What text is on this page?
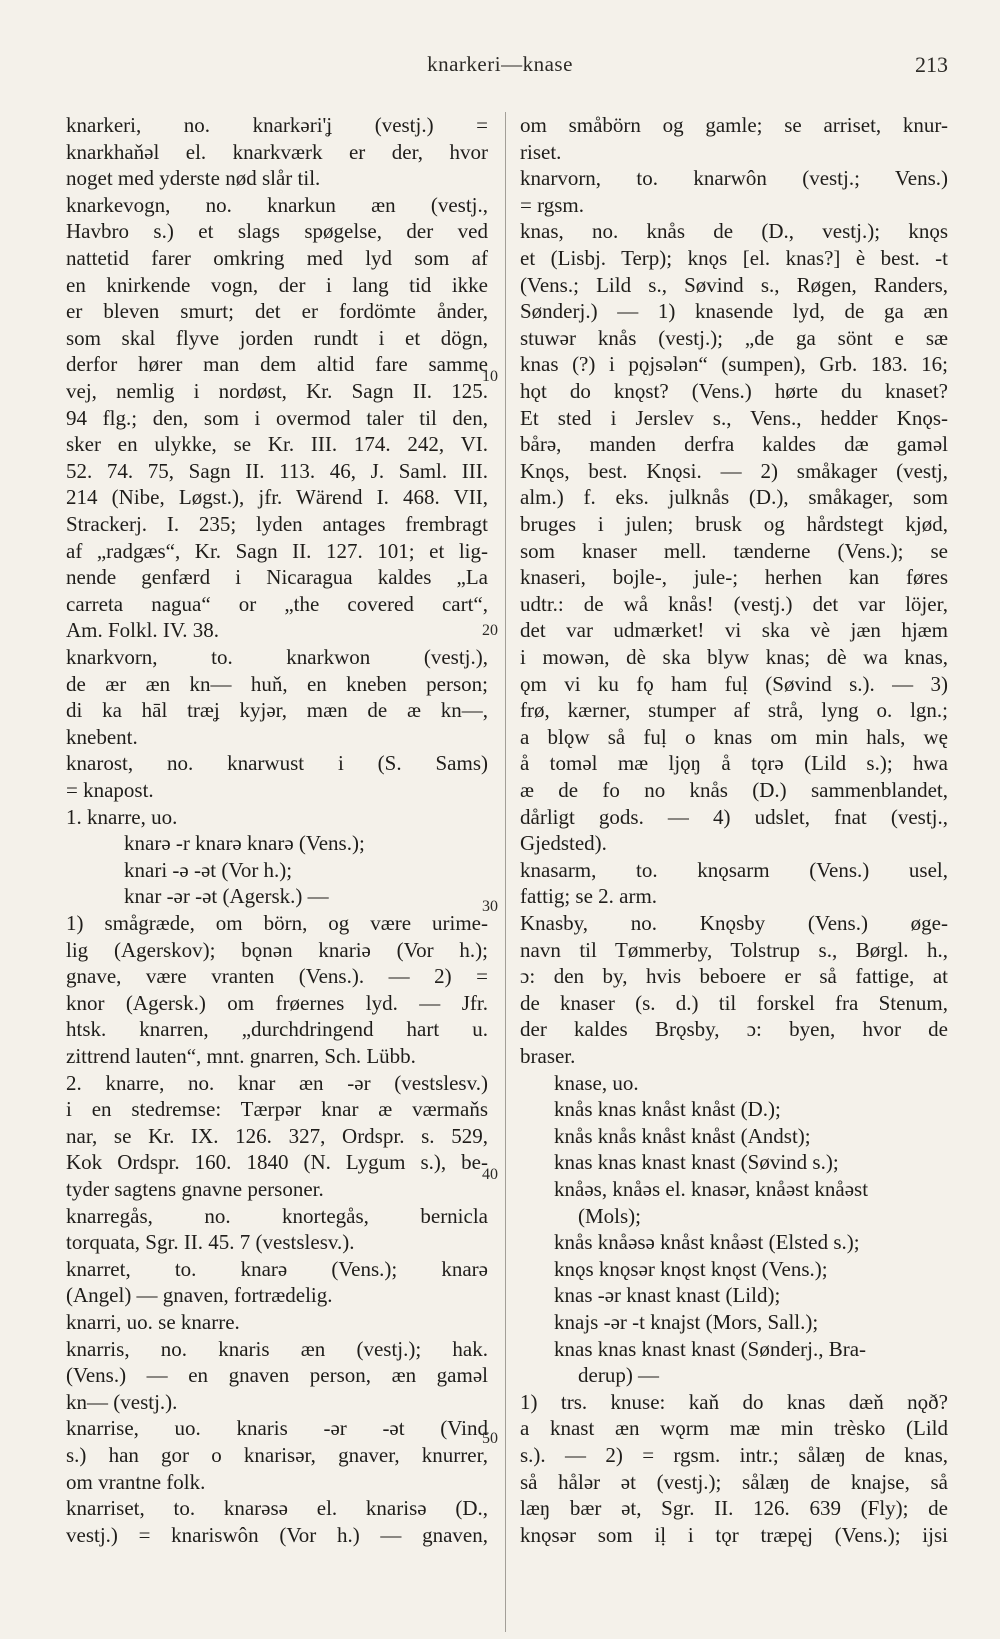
knarkeri—knase	213
knarkeri, no. knarkəri'ʝ (vestj.) =
knarkhaňəl el. knarkværk er der, hvor
noget med yderste nød slår til.
knarkevogn, no. knarkun æn (vestj.,
Havbro s.) et slags spøgelse, der ved
nattetid farer omkring med lyd som af
en knirkende vogn, der i lang tid ikke
er bleven smurt; det er fordömte ånder,
som skal flyve jorden rundt i et dögn,
derfor hører man dem altid fare samme
vej, nemlig i nordøst, Kr. Sagn II. 125.
94 flg.; den, som i overmod taler til den,
sker en ulykke, se Kr. III. 174. 242, VI.
52. 74. 75, Sagn II. 113. 46, J. Saml. III.
214 (Nibe, Løgst.), jfr. Wärend I. 468. VII,
Strackerj. I. 235; lyden antages frembragt
af „radgæs“, Kr. Sagn II. 127. 101; et lig-
nende genfærd i Nicaragua kaldes „La
carreta nagua“ or „the covered cart“,
Am. Folkl. IV. 38.
knarkvorn, to. knarkwon (vestj.),
de ær æn kn— huň, en kneben person;
di ka hāl træʝ kyjər, mæn de æ kn—,
knebent.
knarost, no. knarwust i (S. Sams)
= knapost.
1. knarre, uo.
knarə -r knarə knarə (Vens.);
knari -ə -ət (Vor h.);
knar -ər -ət (Agersk.) —
1) smågræde, om börn, og være urime-
lig (Agerskov); bǫnən knariə (Vor h.);
gnave, være vranten (Vens.). — 2) =
knor (Agersk.) om frøernes lyd. — Jfr.
htsk. knarren, „durchdringend hart u.
zittrend lauten“, mnt. gnarren, Sch. Lübb.
2. knarre, no. knar æn -ər (vestslesv.)
i en stedremse: Tærpər knar æ værmaňs
nar, se Kr. IX. 126. 327, Ordspr. s. 529,
Kok Ordspr. 160. 1840 (N. Lygum s.), be-
tyder sagtens gnavne personer.
knarregås, no. knortegås, bernicla
torquata, Sgr. II. 45. 7 (vestslesv.).
knarret, to. knarə (Vens.); knarə
(Angel) — gnaven, fortrædelig.
knarri, uo. se knarre.
knarris, no. knaris æn (vestj.); hak.
(Vens.) — en gnaven person, æn gaməl
kn— (vestj.).
knarrise, uo. knaris -ər -ət (Vind
s.) han gor o knarisər, gnaver, knurrer,
om vrantne folk.
knarriset, to. knarəsə el. knarisə (D.,
vestj.) = knariswôn (Vor h.) — gnaven,
om småbörn og gamle; se arriset, knur-
riset.
knarvorn, to. knarwôn (vestj.; Vens.)
= rgsm.
knas, no. knås de (D., vestj.); knǫs
et (Lisbj. Terp); knǫs [el. knas?] è best. -t
(Vens.; Lild s., Søvind s., Røgen, Randers,
Sønderj.) — 1) knasende lyd, de ga æn
stuwər knås (vestj.); „de ga sönt e sæ
knas (?) i pǫjsələn“ (sumpen), Grb. 183. 16;
hǫt do knǫst? (Vens.) hørte du knaset?
Et sted i Jerslev s., Vens., hedder Knǫs-
bårə, manden derfra kaldes dæ gaməl
Knǫs, best. Knǫsi. — 2) småkager (vestj,
alm.) f. eks. julknås (D.), småkager, som
bruges i julen; brusk og hårdstegt kjød,
som knaser mell. tænderne (Vens.); se
knaseri, bojle-, jule-; herhen kan føres
udtr.: de wå knås! (vestj.) det var löjer,
det var udmærket! vi ska vè jæn hjæm
i mowən, dè ska blyw knas; dè wa knas,
ǫm vi ku fǫ ham fuḷ (Søvind s.). — 3)
frø, kærner, stumper af strå, lyng o. lgn.;
a blǫw så fuḷ o knas om min hals, wę
å toməl mæ ljǫŋ å tǫrə (Lild s.); hwa
æ de fo no knås (D.) sammenblandet,
dårligt gods. — 4) udslet, fnat (vestj.,
Gjedsted).
knasarm, to. knǫsarm (Vens.) usel,
fattig; se 2. arm.
Knasby, no. Knǫsby (Vens.) øge-
navn til Tømmerby, Tolstrup s., Børgl. h.,
ɔ: den by, hvis beboere er så fattige, at
de knaser (s. d.) til forskel fra Stenum,
der kaldes Brǫsby, ɔ: byen, hvor de
braser.
knase, uo.
knås knas knåst knåst (D.);
knås knås knåst knåst (Andst);
knas knas knast knast (Søvind s.);
knåəs, knåəs el. knasər, knåəst knåəst
(Mols);
knås knåəsə knåst knåəst (Elsted s.);
knǫs knǫsər knǫst knǫst (Vens.);
knas -ər knast knast (Lild);
knajs -ər -t knajst (Mors, Sall.);
knas knas knast knast (Sønderj., Bra-
derup) —
1) trs. knuse: kaň do knas dæň nǫð?
a knast æn wǫrm mæ min trèsko (Lild
s.). — 2) = rgsm. intr.; sålæŋ de knas,
så hålər ət (vestj.); sålæŋ de knajse, så
læŋ bær ət, Sgr. II. 126. 639 (Fly); de
knǫsər som iḷ i tǫr træpęj (Vens.); ijsi
10
20
30
40
50
